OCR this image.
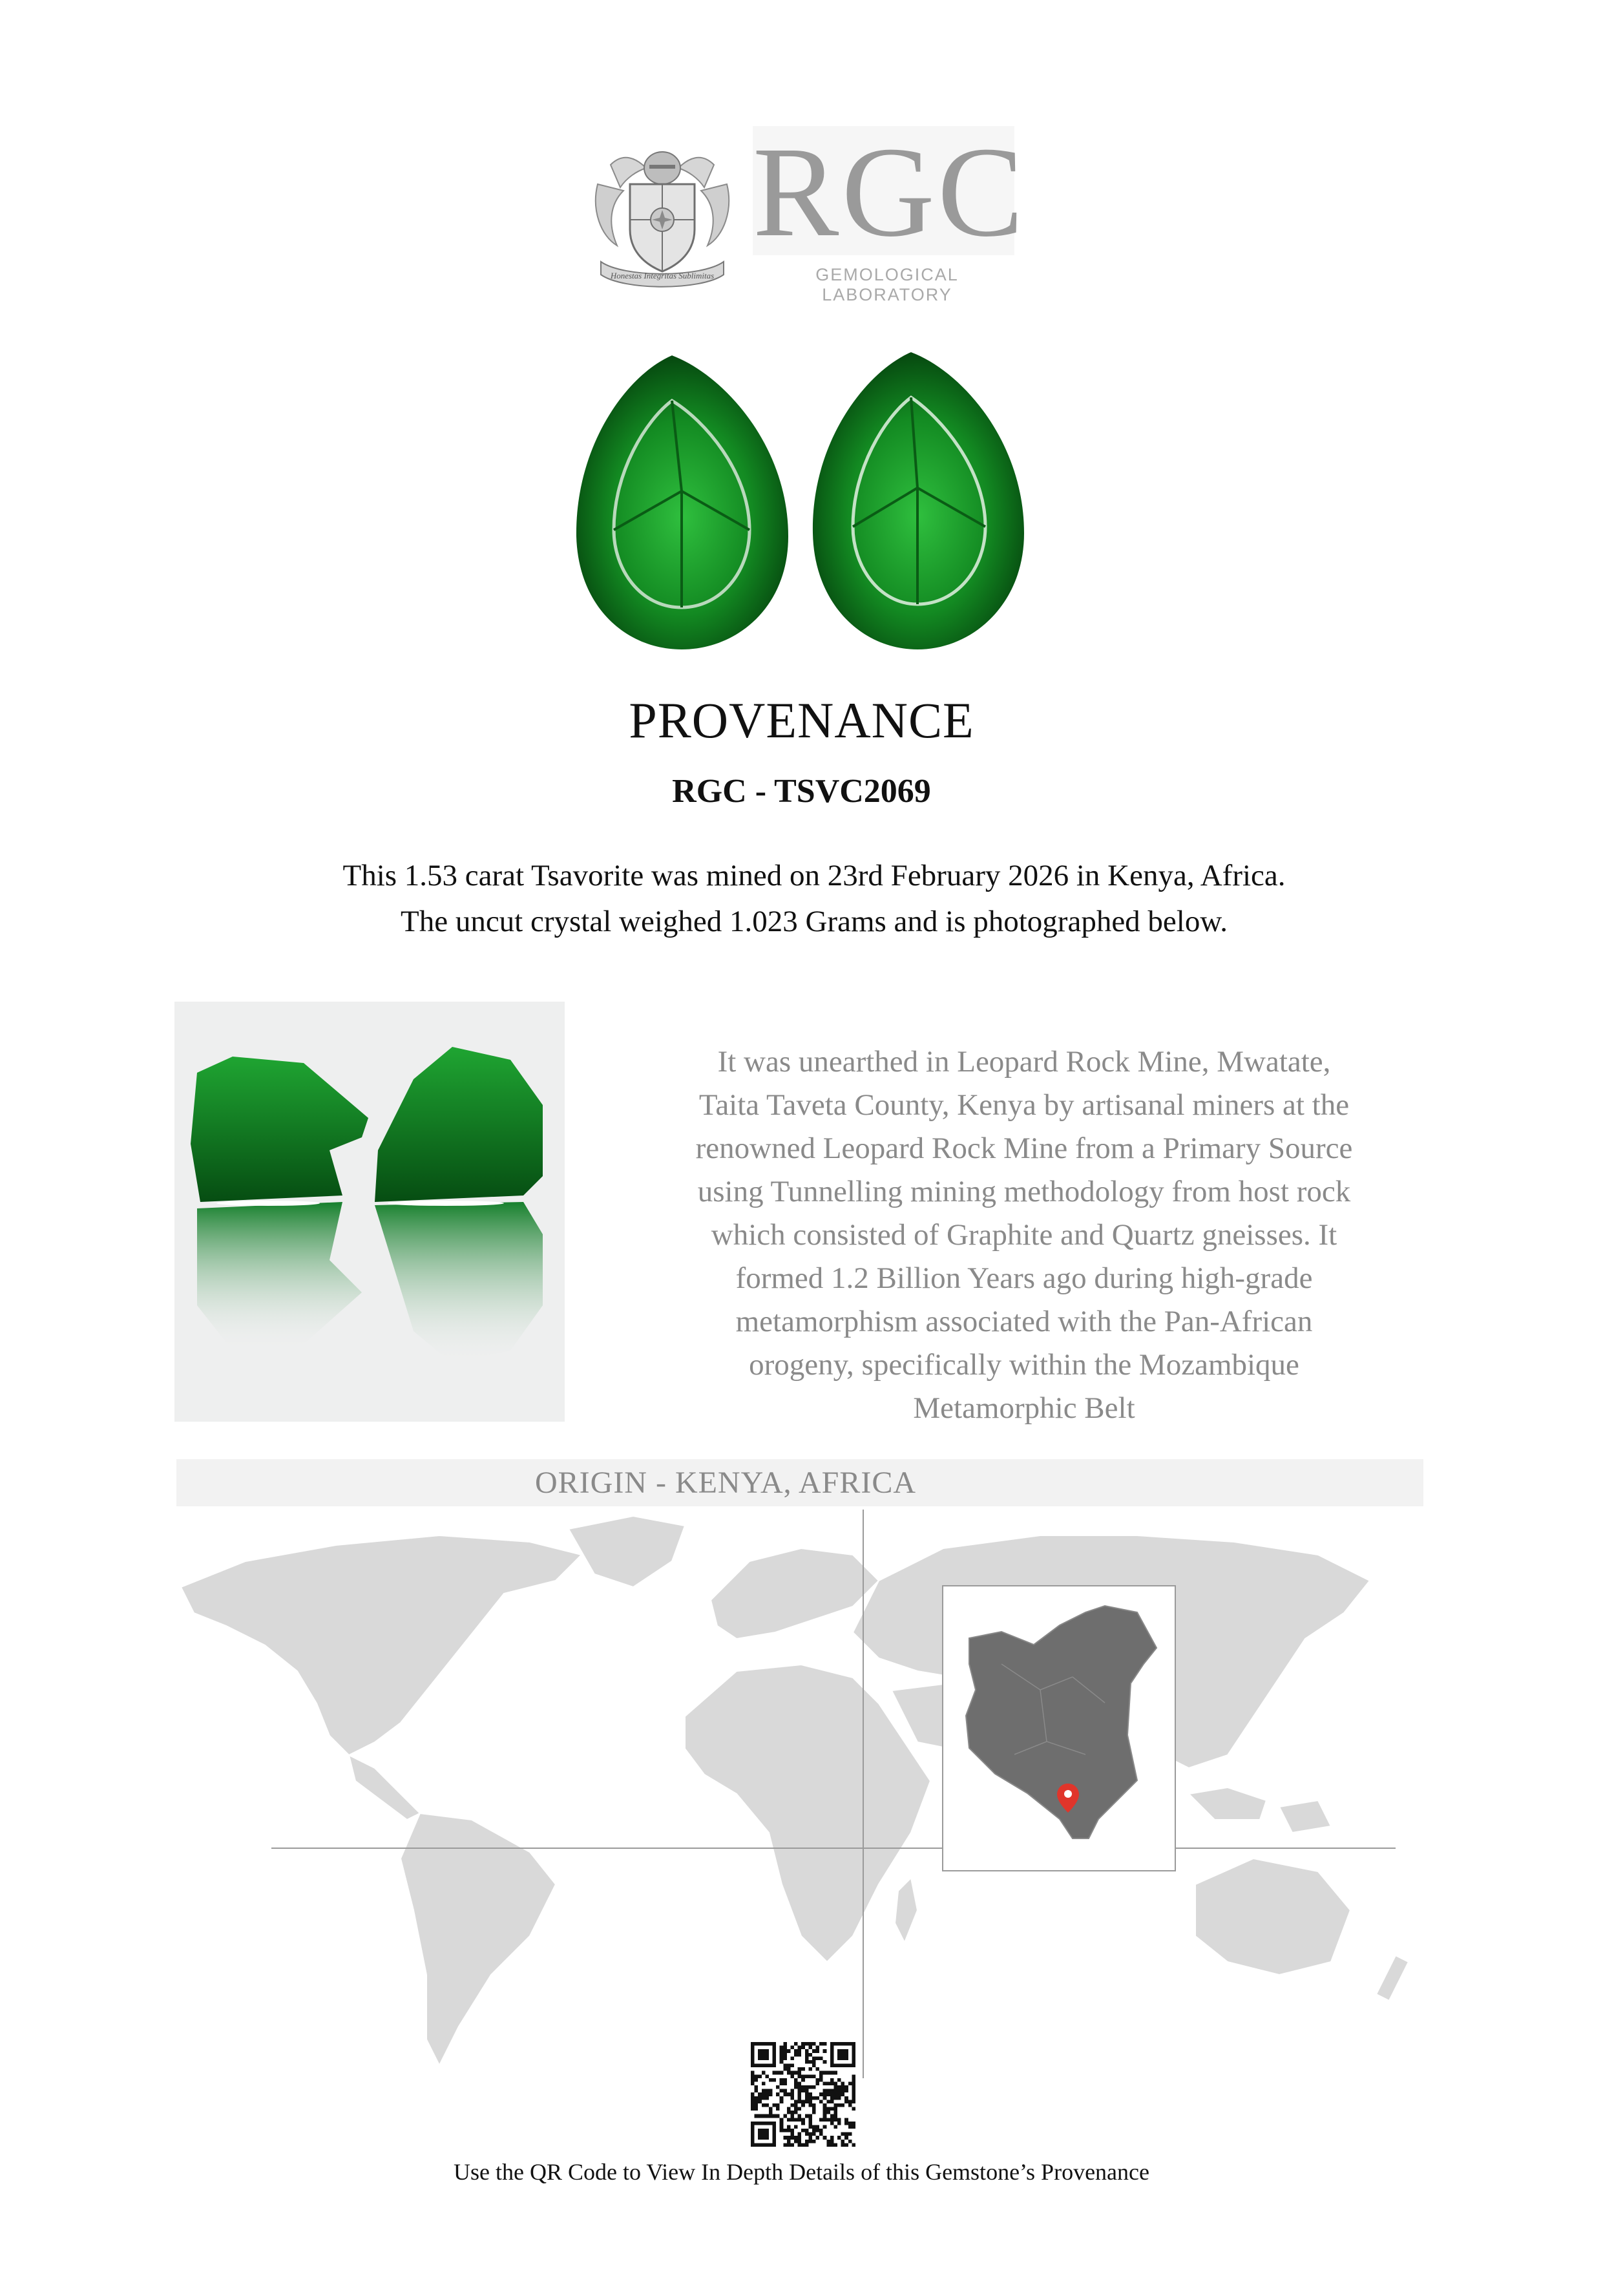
Honestas Integritas Sublimitas
RGC
GEMOLOGICAL LABORATORY
PROVENANCE
RGC - TSVC2069
This 1.53 carat Tsavorite was mined on 23rd February 2026 in Kenya, Africa.
The uncut crystal weighed 1.023 Grams and is photographed below.
It was unearthed in Leopard Rock Mine, Mwatate,
Taita Taveta County, Kenya by artisanal miners at the
renowned Leopard Rock Mine from a Primary Source
using Tunnelling mining methodology from host rock
which consisted of Graphite and Quartz gneisses. It
formed 1.2 Billion Years ago during high-grade
metamorphism associated with the Pan-African
orogeny, specifically within the Mozambique
Metamorphic Belt
ORIGIN - KENYA, AFRICA
Use the QR Code to View In Depth Details of this Gemstone’s Provenance
